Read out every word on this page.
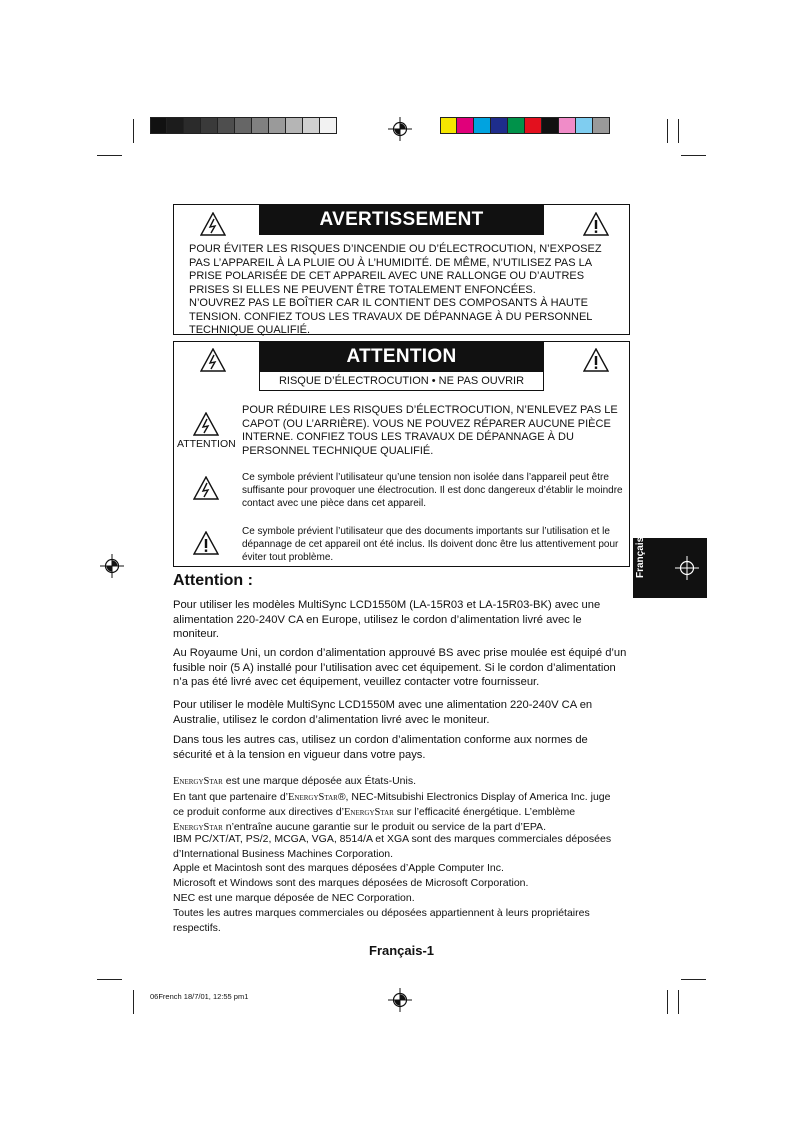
AVERTISSEMENT
POUR ÉVITER LES RISQUES D’INCENDIE OU D’ÉLECTROCUTION, N’EXPOSEZ PAS L’APPAREIL À LA PLUIE OU À L’HUMIDITÉ. DE MÊME, N’UTILISEZ PAS LA PRISE POLARISÉE DE CET APPAREIL AVEC UNE RALLONGE OU D’AUTRES PRISES SI ELLES NE PEUVENT ÊTRE TOTALEMENT ENFONCÉES.
N’OUVREZ PAS LE BOÎTIER CAR IL CONTIENT DES COMPOSANTS À HAUTE TENSION. CONFIEZ TOUS LES TRAVAUX DE DÉPANNAGE À DU PERSONNEL TECHNIQUE QUALIFIÉ.
ATTENTION
RISQUE D’ÉLECTROCUTION • NE PAS OUVRIR
ATTENTION
POUR RÉDUIRE LES RISQUES D’ÉLECTROCUTION, N’ENLEVEZ PAS LE CAPOT (OU L’ARRIÈRE). VOUS NE POUVEZ RÉPARER AUCUNE PIÈCE INTERNE. CONFIEZ TOUS LES TRAVAUX DE DÉPANNAGE À DU PERSONNEL TECHNIQUE QUALIFIÉ.
Ce symbole prévient l’utilisateur qu’une tension non isolée dans l’appareil peut être suffisante pour provoquer une électrocution. Il est donc dangereux d’établir le moindre contact avec une pièce dans cet appareil.
Ce symbole prévient l’utilisateur que des documents importants sur l’utilisation et le dépannage de cet appareil ont été inclus. Ils doivent donc être lus attentivement pour éviter tout problème.	Français
Attention :
Pour utiliser les modèles MultiSync LCD1550M (LA-15R03 et LA-15R03-BK) avec une alimentation 220-240V CA en Europe, utilisez le cordon d’alimentation livré avec le moniteur.
Au Royaume Uni, un cordon d’alimentation approuvé BS avec prise moulée est équipé d’un fusible noir (5 A) installé pour l’utilisation avec cet équipement. Si le cordon d’alimentation n’a pas été livré avec cet équipement, veuillez contacter votre fournisseur.
Pour utiliser le modèle MultiSync LCD1550M avec une alimentation 220-240V CA en Australie, utilisez le cordon d’alimentation livré avec le moniteur.
Dans tous les autres cas, utilisez un cordon d’alimentation conforme aux normes de sécurité et à la tension en vigueur dans votre pays.
EnergyStar est une marque déposée aux États-Unis.
En tant que partenaire d’EnergyStar®, NEC-Mitsubishi Electronics Display of America Inc. juge ce produit conforme aux directives d’EnergyStar sur l’efficacité énergétique. L’emblème EnergyStar n’entraîne aucune garantie sur le produit ou service de la part d’EPA.
IBM PC/XT/AT, PS/2, MCGA, VGA, 8514/A et XGA sont des marques commerciales déposées d’International Business Machines Corporation.
Apple et Macintosh sont des marques déposées d’Apple Computer Inc.
Microsoft et Windows sont des marques déposées de Microsoft Corporation.
NEC est une marque déposée de NEC Corporation.
Toutes les autres marques commerciales ou déposées appartiennent à leurs propriétaires respectifs.
Français-1
06French 18/7/01, 12:55 pm1
